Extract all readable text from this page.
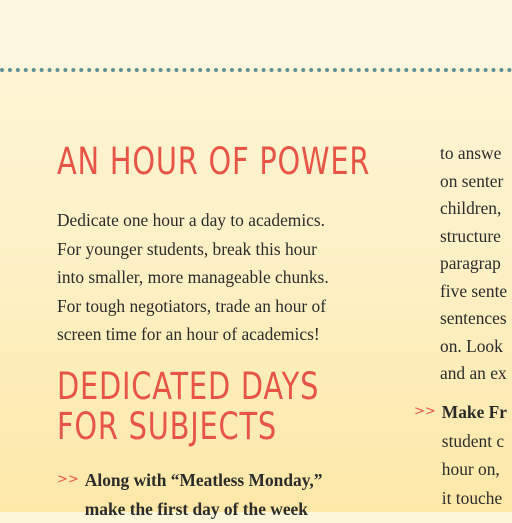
AN HOUR OF POWER

Dedicate one hour a day to academics.
For younger students, break this hour
into smaller, more manageable chunks.
For tough negotiators, trade an hour of
screen time for an hour of academics!

DEDICATED DAYS
FOR SUBJECTS
>> Along with “Meatless Monday,”
make the first day of the week

to answe
on senter
children,
structure
paragrap
five sente
sentences
on. Look
and an ex

>> Make Fr
student c
hour on,
it touche
